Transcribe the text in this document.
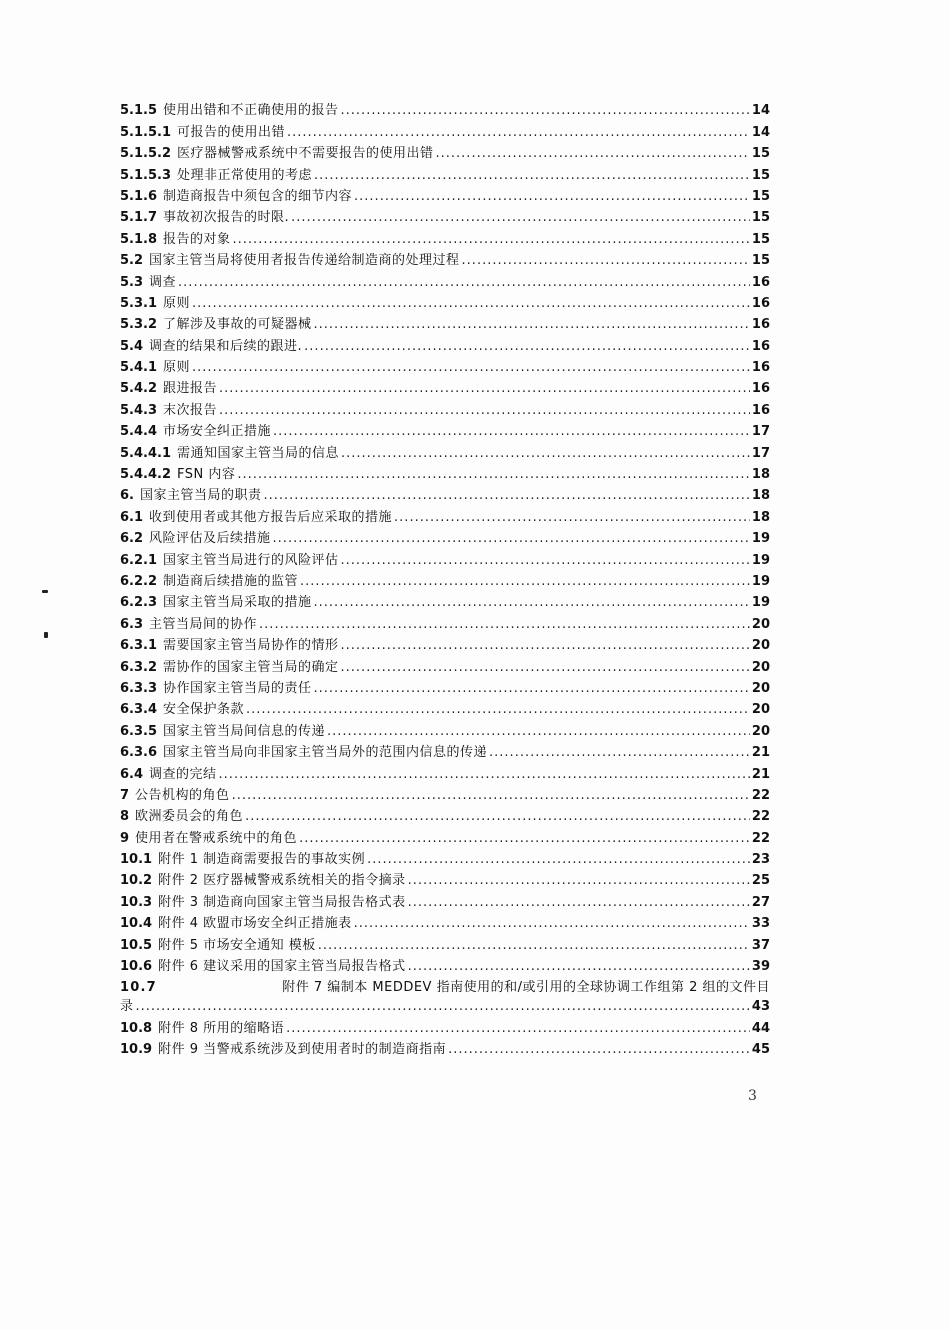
5.1.5 使用出错和不正确使用的报告 .....	14
5.1.5.1 可报告的使用出错 .....	14
5.1.5.2 医疗器械警戒系统中不需要报告的使用出错 .....	15
5.1.5.3 处理非正常使用的考虑 .....	15
5.1.6 制造商报告中须包含的细节内容 .....	15
5.1.7 事故初次报告的时限. .....	15
5.1.8 报告的对象 .....	15
5.2 国家主管当局将使用者报告传递给制造商的处理过程 .....	15
5.3 调查 .....	16
5.3.1 原则 .....	16
5.3.2 了解涉及事故的可疑器械 .....	16
5.4 调查的结果和后续的跟进. .....	16
5.4.1 原则 .....	16
5.4.2 跟进报告 .....	16
5.4.3 末次报告 .....	16
5.4.4 市场安全纠正措施 .....	17
5.4.4.1 需通知国家主管当局的信息 .....	17
5.4.4.2 FSN 内容 .....	18
6. 国家主管当局的职责 .....	18
6.1 收到使用者或其他方报告后应采取的措施 .....	18
6.2 风险评估及后续措施 .....	19
6.2.1 国家主管当局进行的风险评估 .....	19
6.2.2 制造商后续措施的监管 .....	19
6.2.3 国家主管当局采取的措施 .....	19
6.3 主管当局间的协作 .....	20
6.3.1 需要国家主管当局协作的情形 .....	20
6.3.2 需协作的国家主管当局的确定 .....	20
6.3.3 协作国家主管当局的责任 .....	20
6.3.4 安全保护条款 .....	20
6.3.5 国家主管当局间信息的传递 .....	20
6.3.6 国家主管当局向非国家主管当局外的范围内信息的传递 .....	21
6.4 调查的完结 .....	21
7 公告机构的角色 .....	22
8 欧洲委员会的角色 .....	22
9 使用者在警戒系统中的角色 .....	22
10.1 附件 1 制造商需要报告的事故实例 .....	23
10.2 附件 2 医疗器械警戒系统相关的指令摘录 .....	25
10.3 附件 3 制造商向国家主管当局报告格式表 .....	27
10.4 附件 4 欧盟市场安全纠正措施表 .....	33
10.5 附件 5 市场安全通知 模板 .....	37
10.6 附件 6 建议采用的国家主管当局报告格式 .....	39
10.7	附件 7 编制本 MEDDEV 指南使用的和/或引用的全球协调工作组第 2 组的文件目
录 .....	43
10.8 附件 8 所用的缩略语 .....	44
10.9 附件 9 当警戒系统涉及到使用者时的制造商指南 .....	45
3
